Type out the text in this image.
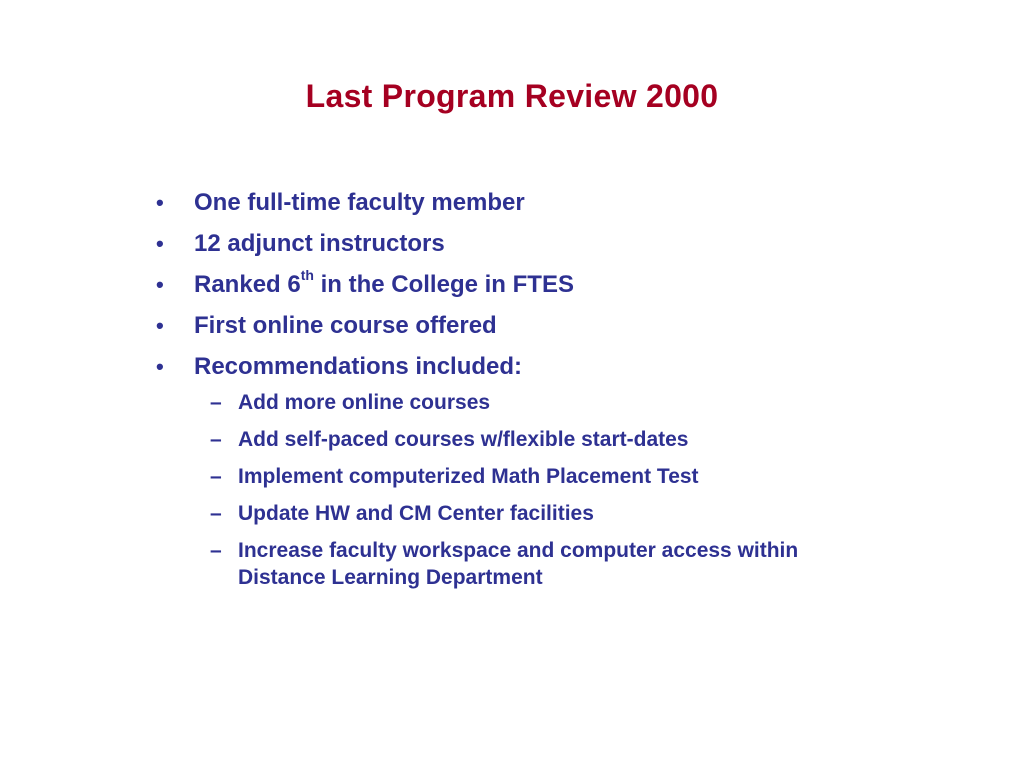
Last Program Review 2000
• One full-time faculty member
• 12 adjunct instructors
• Ranked 6th in the College in FTES
• First online course offered
• Recommendations included:
– Add more online courses
– Add self-paced courses w/flexible start-dates
– Implement computerized Math Placement Test
– Update HW and CM Center facilities
– Increase faculty workspace and computer access within Distance Learning Department
